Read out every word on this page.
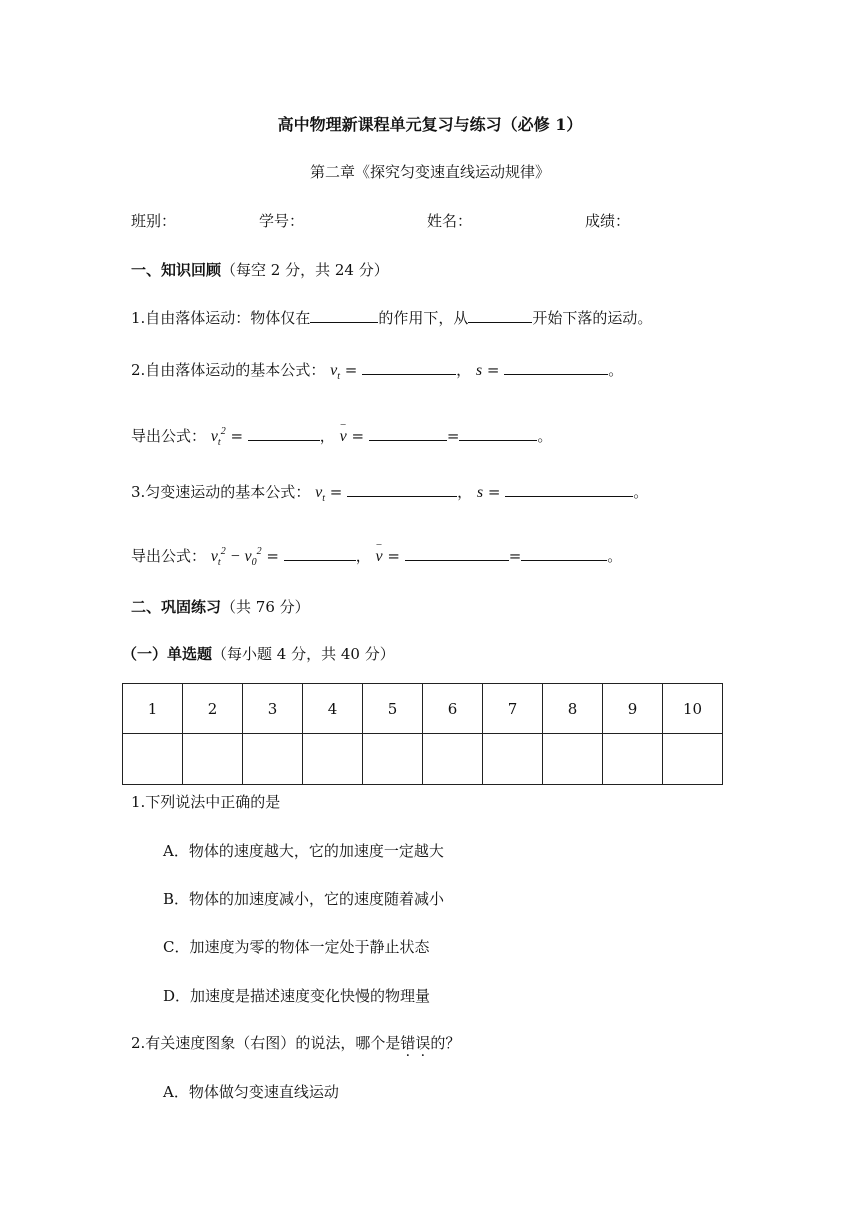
高中物理新课程单元复习与练习（必修 1）
第二章《探究匀变速直线运动规律》
班别：	学号：	姓名：	成绩：
一、知识回顾（每空 2 分，共 24 分）
1.自由落体运动：物体仅在	的作用下，从	开始下落的运动。
2.自由落体运动的基本公式： $v_t$ =	， s =	。
导出公式： $v_t^2$ =	，
–
v =	=	。
3.匀变速运动的基本公式： $v_t$ =	， s =	。
导出公式： $v_t^2 - v_0^2$ =	，
–
v =	=	。
二、巩固练习（共 76 分）
（一）单选题（每小题 4 分，共 40 分）
1	2	3	4	5	6	7	8	9	10

1.下列说法中正确的是
A．物体的速度越大，它的加速度一定越大
B．物体的加速度减小，它的速度随着减小
C．加速度为零的物体一定处于静止状态
D．加速度是描述速度变化快慢的物理量
2.有关速度图象（右图）的说法，哪个是错误的？
A．物体做匀变速直线运动
